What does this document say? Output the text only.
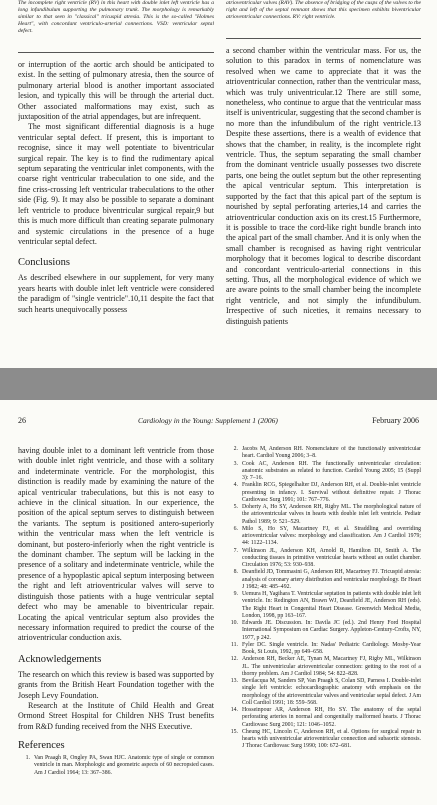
The incomplete right ventricle (RV) in this heart with double inlet left ventricle has a long infundibulum supporting the pulmonary trunk. The morphology is remarkably similar to that seen in "classical" tricuspid atresia. This is the so-called "Holmes Heart", with concordant ventriculo-arterial connections. VSD: ventricular septal defect.

atrioventricular valves (RAV). The absence of bridging of the cusps of the valves to the right and left of the septal remnant shows that this specimen exhibits biventricular atrioventricular connections. RV: right ventricle.

or interruption of the aortic arch should be anticipated to exist. In the setting of pulmonary atresia, then the source of pulmonary arterial blood is another important associated lesion, and typically this will be through the arterial duct. Other associated malformations may exist, such as juxtaposition of the atrial appendages, but are infrequent.

The most significant differential diagnosis is a huge ventricular septal defect. If present, this is important to recognise, since it may well potentiate to biventricular surgical repair. The key is to find the rudimentary apical septum separating the ventricular inlet components, with the coarse right ventricular trabeculation to one side, and the fine criss-crossing left ventricular trabeculations to the other side (Fig. 9). It may also be possible to separate a dominant left ventricle to produce biventricular surgical repair,9 but this is much more difficult than creating separate pulmonary and systemic circulations in the presence of a huge ventricular septal defect.

Conclusions

As described elsewhere in our supplement, for very many years hearts with double inlet left ventricle were considered the paradigm of "single ventricle".10,11 despite the fact that such hearts unequivocally possess

a second chamber within the ventricular mass. For us, the solution to this paradox in terms of nomenclature was resolved when we came to appreciate that it was the atrioventricular connection, rather than the ventricular mass, which was truly univentricular.12 There are still some, nonetheless, who continue to argue that the ventricular mass itself is univentricular, suggesting that the second chamber is no more than the infundibulum of the right ventricle.13 Despite these assertions, there is a wealth of evidence that shows that the chamber, in reality, is the incomplete right ventricle. Thus, the septum separating the small chamber from the dominant ventricle usually possesses two discrete parts, one being the outlet septum but the other representing the apical ventricular septum. This interpretation is supported by the fact that this apical part of the septum is nourished by septal perforating arteries,14 and carries the atrioventricular conduction axis on its crest.15 Furthermore, it is possible to trace the cord-like right bundle branch into the apical part of the small chamber. And it is only when the small chamber is recognised as having right ventricular morphology that it becomes logical to describe discordant and concordant ventriculo-arterial connections in this setting. Thus, all the morphological evidence of which we are aware points to the small chamber being the incomplete right ventricle, and not simply the infundibulum. Irrespective of such niceties, it remains necessary to distinguish patients

26	Cardiology in the Young: Supplement 1 (2006)	February 2006

having double inlet to a dominant left ventricle from those with double inlet right ventricle, and those with a solitary and indeterminate ventricle. For the morphologist, this distinction is readily made by examining the nature of the apical ventricular trabeculations, but this is not easy to achieve in the clinical situation. In our experience, the position of the apical septum serves to distinguish between the variants. The septum is positioned antero-superiorly within the ventricular mass when the left ventricle is dominant, but postero-inferiorly when the right ventricle is the dominant chamber. The septum will be lacking in the presence of a solitary and indeterminate ventricle, while the presence of a hypoplastic apical septum interposing between the right and left atrioventricular valves will serve to distinguish those patients with a huge ventricular septal defect who may be amenable to biventricular repair. Locating the apical ventricular septum also provides the necessary information required to predict the course of the atrioventricular conduction axis.

Acknowledgements

The research on which this review is based was supported by grants from the British Heart Foundation together with the Joseph Levy Foundation.

Research at the Institute of Child Health and Great Ormond Street Hospital for Children NHS Trust benefits from R&D funding received from the NHS Executive.

References
1. Van Praagh R, Ongley PA, Swan HJC. Anatomic type of single or common ventricle in man. Morphologic and geometric aspects of 60 necropsied cases. Am J Cardiol 1964; 13: 367–386.
2. Jacobs M, Anderson RH. Nomenclature of the functionally univentricular heart. Cardiol Young 2006; 3–8.
3. Cook AC, Anderson RH. The functionally univentricular circulation: anatomic substrates as related to function. Cardiol Young 2005; 15 (Suppl 3): 7–16.
4. Franklin RCG, Spiegelhalter DJ, Anderson RH, et al. Double-inlet ventricle presenting in infancy. I. Survival without definitive repair. J Thorac Cardiovasc Surg 1991; 101: 767–776.
5. Doherty A, Ho SY, Anderson RH, Rigby ML. The morphological nature of the atrioventricular valves in hearts with double inlet left ventricle. Pediatr Pathol 1989; 9: 521–529.
6. Milo S, Ho SY, Macartney FJ, et al. Straddling and overriding atrioventricular valves: morphology and classification. Am J Cardiol 1979; 44: 1122–1134.
7. Wilkinson JL, Anderson KH, Arnold R, Hamilton DI, Smith A. The conducting tissues in primitive ventricular hearts without an outlet chamber. Circulation 1976; 53: 930–938.
8. Deanfield JD, Tommasini G, Anderson RH, Macartney FJ. Tricuspid atresia: analysis of coronary artery distribution and ventricular morphology. Br Heart J 1982; 48: 485–492.
9. Uemura H, Yagihara T. Ventricular septation in patients with double inlet left ventricle. In: Redington AN, Brawn WJ, Deanfield JE, Anderson RH (eds). The Right Heart in Congenital Heart Disease. Greenwich Medical Media, London, 1998, pp 163–167.
10. Edwards JE. Discussion. In: Davila JC (ed.). 2nd Henry Ford Hospital International Symposium on Cardiac Surgery. Appleton-Century-Crofts, NY, 1977, p 242.
11. Fyler DC. Single ventricle. In: Nadas' Pediatric Cardiology. Mosby-Year Book, St Louis, 1992, pp 649–658.
12. Anderson RH, Becker AE, Tynan M, Macartney FJ, Rigby ML, Wilkinson JL. The univentricular atrioventricular connection: getting to the root of a thorny problem. Am J Cardiol 1984; 54: 822–828.
13. Bevilacqua M, Sanders SP, Van Praagh S, Colan SD, Parness I. Double-inlet single left ventricle: echocardiographic anatomy with emphasis on the morphology of the atrioventricular valves and ventricular septal defect. J Am Coll Cardiol 1991; 18: 559–568.
14. Hosseinpour AR, Anderson RH, Ho SY. The anatomy of the septal perforating arteries in normal and congenitally malformed hearts. J Thorac Cardiovasc Surg 2001; 121: 1046–1052.
15. Cheung HC, Lincoln C, Anderson RH, et al. Options for surgical repair in hearts with univentricular atrioventricular connection and subaortic stenosis. J Thorac Cardiovasc Surg 1990; 100: 672–681.
